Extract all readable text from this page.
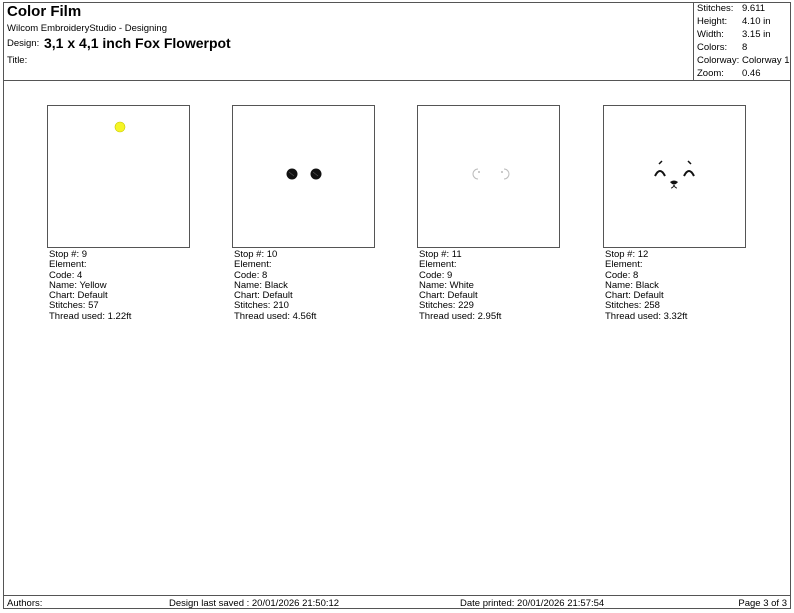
Color Film
Wilcom EmbroideryStudio - Designing
Design: 3,1 x 4,1 inch Fox Flowerpot
Title:
Stitches: 9.611
Height: 4.10 in
Width: 3.15 in
Colors: 8
Colorway: Colorway 1
Zoom: 0.46
Stop #: 9
Element:
Code: 4
Name: Yellow
Chart: Default
Stitches: 57
Thread used: 1.22ft
Stop #: 10
Element:
Code: 8
Name: Black
Chart: Default
Stitches: 210
Thread used: 4.56ft
Stop #: 11
Element:
Code: 9
Name: White
Chart: Default
Stitches: 229
Thread used: 2.95ft
Stop #: 12
Element:
Code: 8
Name: Black
Chart: Default
Stitches: 258
Thread used: 3.32ft
Authors:	Design last saved : 20/01/2026 21:50:12	Date printed: 20/01/2026 21:57:54	Page 3 of 3
